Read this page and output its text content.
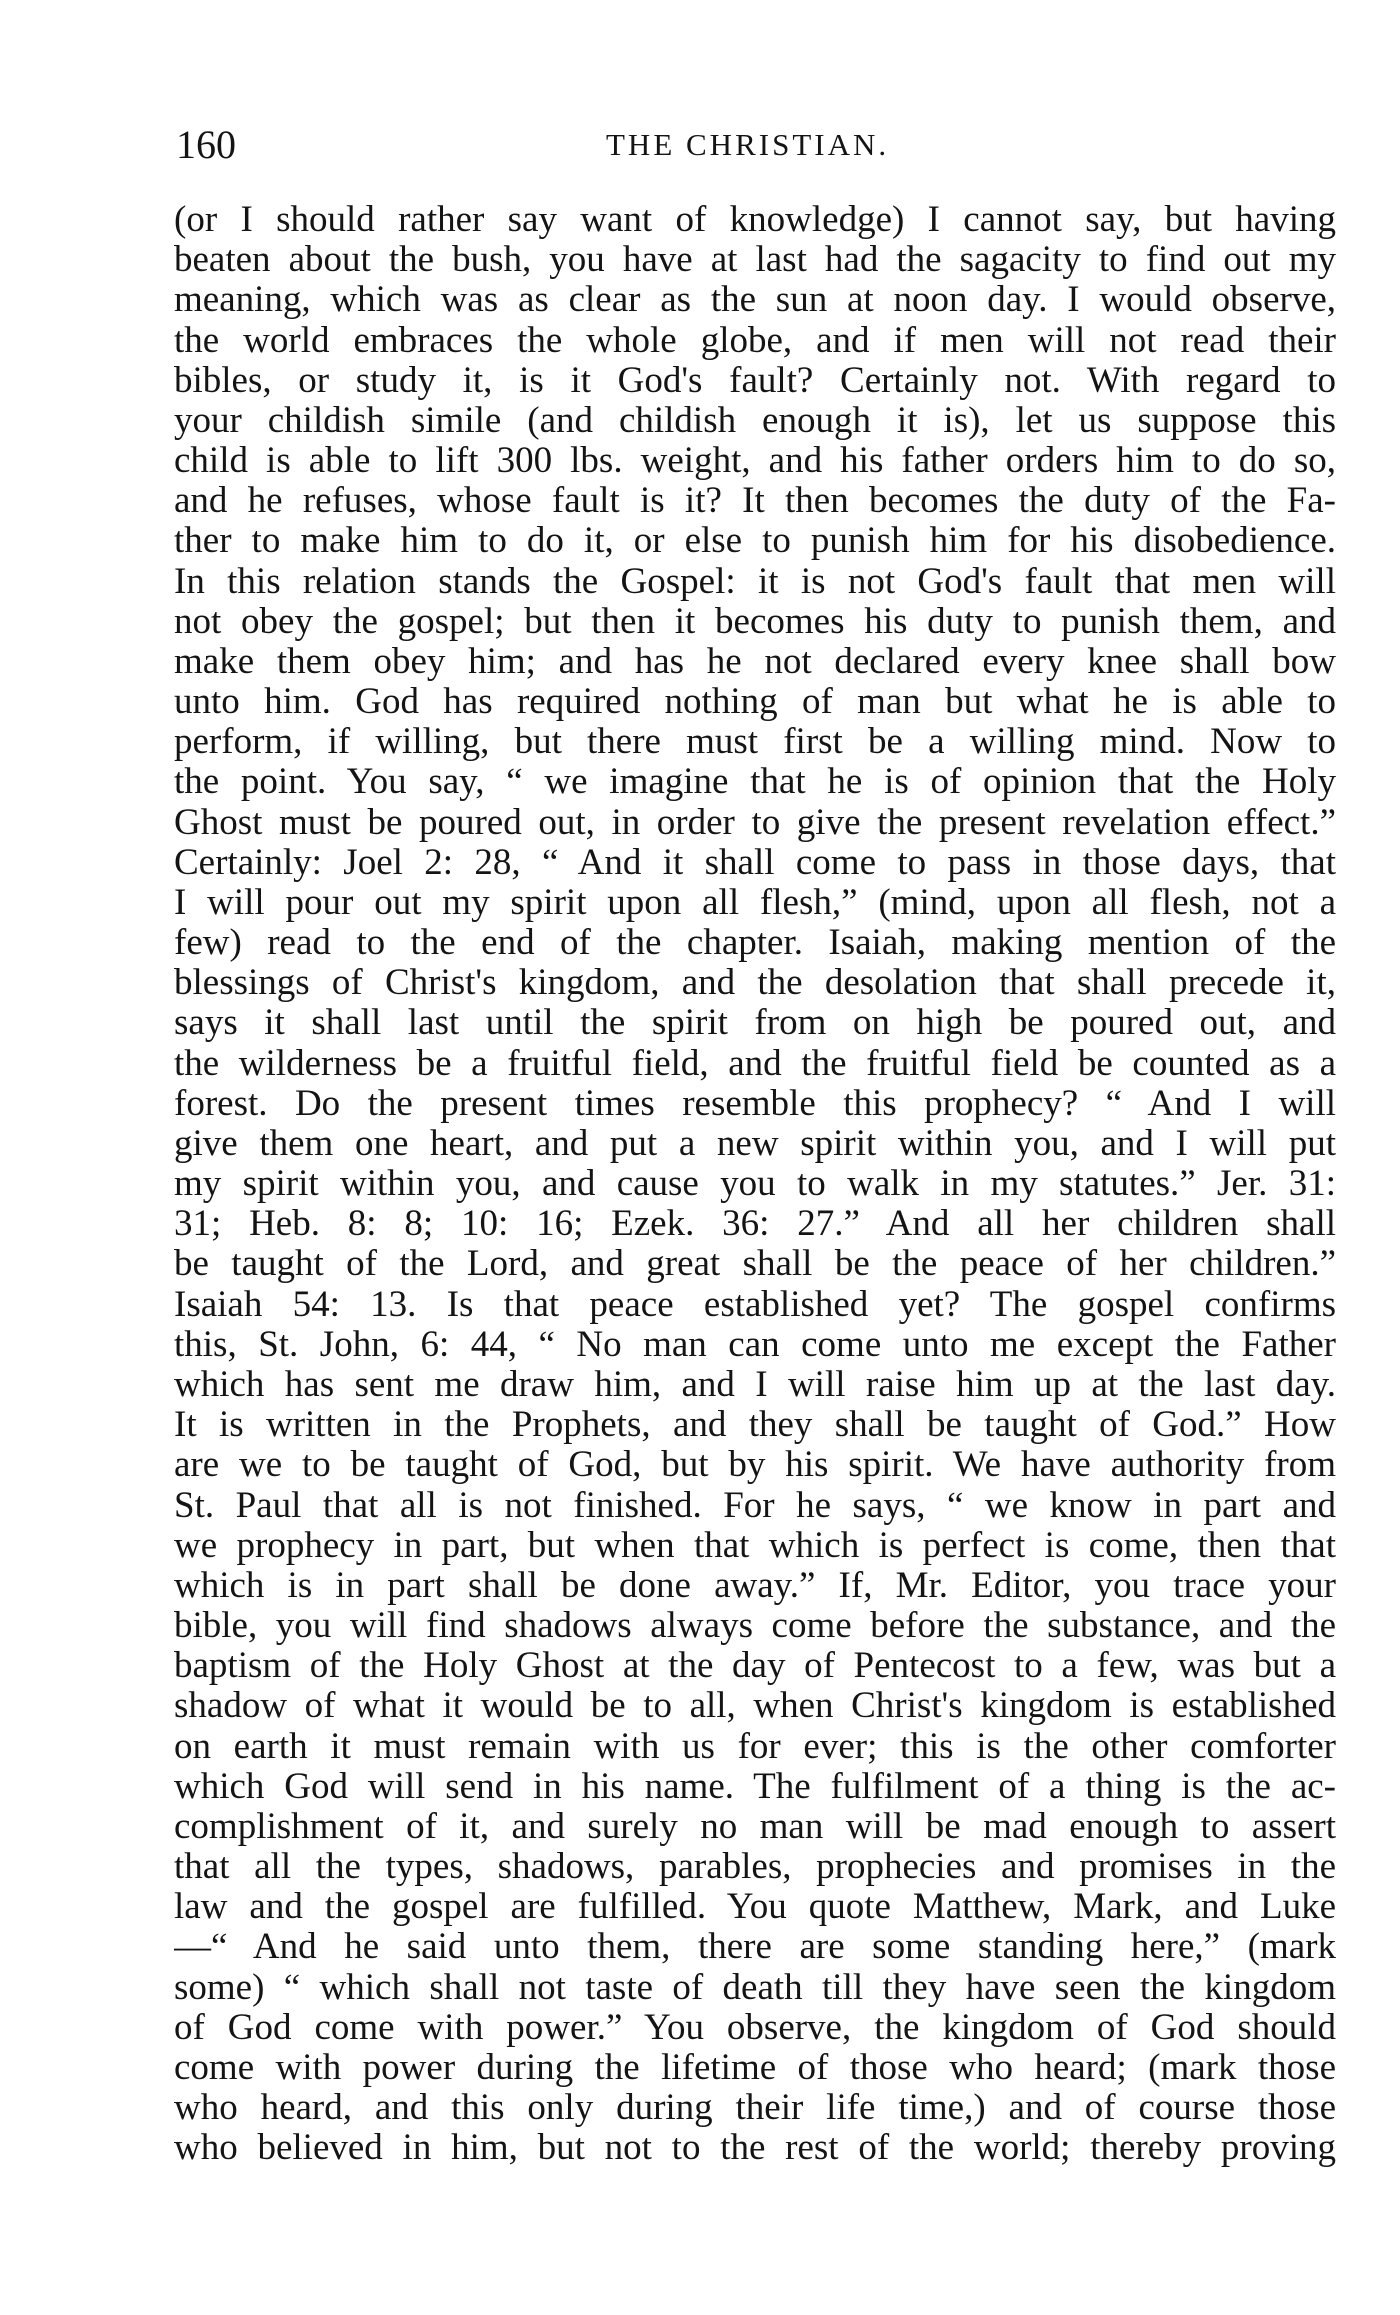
160	THE CHRISTIAN.
(or I should rather say want of knowledge) I cannot say, but having
beaten about the bush, you have at last had the sagacity to find out my
meaning, which was as clear as the sun at noon day. I would observe,
the world embraces the whole globe, and if men will not read their
bibles, or study it, is it God's fault? Certainly not. With regard to
your childish simile (and childish enough it is), let us suppose this
child is able to lift 300 lbs. weight, and his father orders him to do so,
and he refuses, whose fault is it? It then becomes the duty of the Fa-
ther to make him to do it, or else to punish him for his disobedience.
In this relation stands the Gospel: it is not God's fault that men will
not obey the gospel; but then it becomes his duty to punish them, and
make them obey him; and has he not declared every knee shall bow
unto him. God has required nothing of man but what he is able to
perform, if willing, but there must first be a willing mind. Now to
the point. You say, “ we imagine that he is of opinion that the Holy
Ghost must be poured out, in order to give the present revelation effect.”
Certainly: Joel 2: 28, “ And it shall come to pass in those days, that
I will pour out my spirit upon all flesh,” (mind, upon all flesh, not a
few) read to the end of the chapter. Isaiah, making mention of the
blessings of Christ's kingdom, and the desolation that shall precede it,
says it shall last until the spirit from on high be poured out, and
the wilderness be a fruitful field, and the fruitful field be counted as a
forest. Do the present times resemble this prophecy? “ And I will
give them one heart, and put a new spirit within you, and I will put
my spirit within you, and cause you to walk in my statutes.” Jer. 31:
31; Heb. 8: 8; 10: 16; Ezek. 36: 27.” And all her children shall
be taught of the Lord, and great shall be the peace of her children.”
Isaiah 54: 13. Is that peace established yet? The gospel confirms
this, St. John, 6: 44, “ No man can come unto me except the Father
which has sent me draw him, and I will raise him up at the last day.
It is written in the Prophets, and they shall be taught of God.” How
are we to be taught of God, but by his spirit. We have authority from
St. Paul that all is not finished. For he says, “ we know in part and
we prophecy in part, but when that which is perfect is come, then that
which is in part shall be done away.” If, Mr. Editor, you trace your
bible, you will find shadows always come before the substance, and the
baptism of the Holy Ghost at the day of Pentecost to a few, was but a
shadow of what it would be to all, when Christ's kingdom is established
on earth it must remain with us for ever; this is the other comforter
which God will send in his name. The fulfilment of a thing is the ac-
complishment of it, and surely no man will be mad enough to assert
that all the types, shadows, parables, prophecies and promises in the
law and the gospel are fulfilled. You quote Matthew, Mark, and Luke
—“ And he said unto them, there are some standing here,” (mark
some) “ which shall not taste of death till they have seen the kingdom
of God come with power.” You observe, the kingdom of God should
come with power during the lifetime of those who heard; (mark those
who heard, and this only during their life time,) and of course those
who believed in him, but not to the rest of the world; thereby proving
